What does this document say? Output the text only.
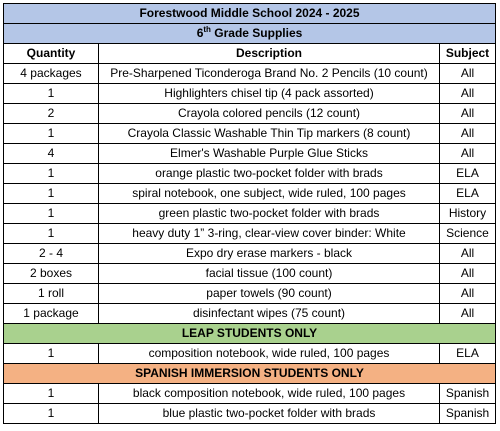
Forestwood Middle School 2024 - 2025		
6th Grade Supplies		
Quantity	Description	Subject
4 packages	Pre-Sharpened Ticonderoga Brand No. 2 Pencils (10 count)	All
1	Highlighters chisel tip (4 pack assorted)	All
2	Crayola colored pencils (12 count)	All
1	Crayola Classic Washable Thin Tip markers (8 count)	All
4	Elmer's Washable Purple Glue Sticks	All
1	orange plastic two-pocket folder with brads	ELA
1	spiral notebook, one subject, wide ruled, 100 pages	ELA
1	green plastic two-pocket folder with brads	History
1	heavy duty 1” 3-ring, clear-view cover binder: White	Science
2 - 4	Expo dry erase markers - black	All
2 boxes	facial tissue (100 count)	All
1 roll	paper towels (90 count)	All
1 package	disinfectant wipes (75 count)	All
LEAP STUDENTS ONLY		
1	composition notebook, wide ruled, 100 pages	ELA
SPANISH IMMERSION STUDENTS ONLY		
1	black composition notebook, wide ruled, 100 pages	Spanish
1	blue plastic two-pocket folder with brads	Spanish
